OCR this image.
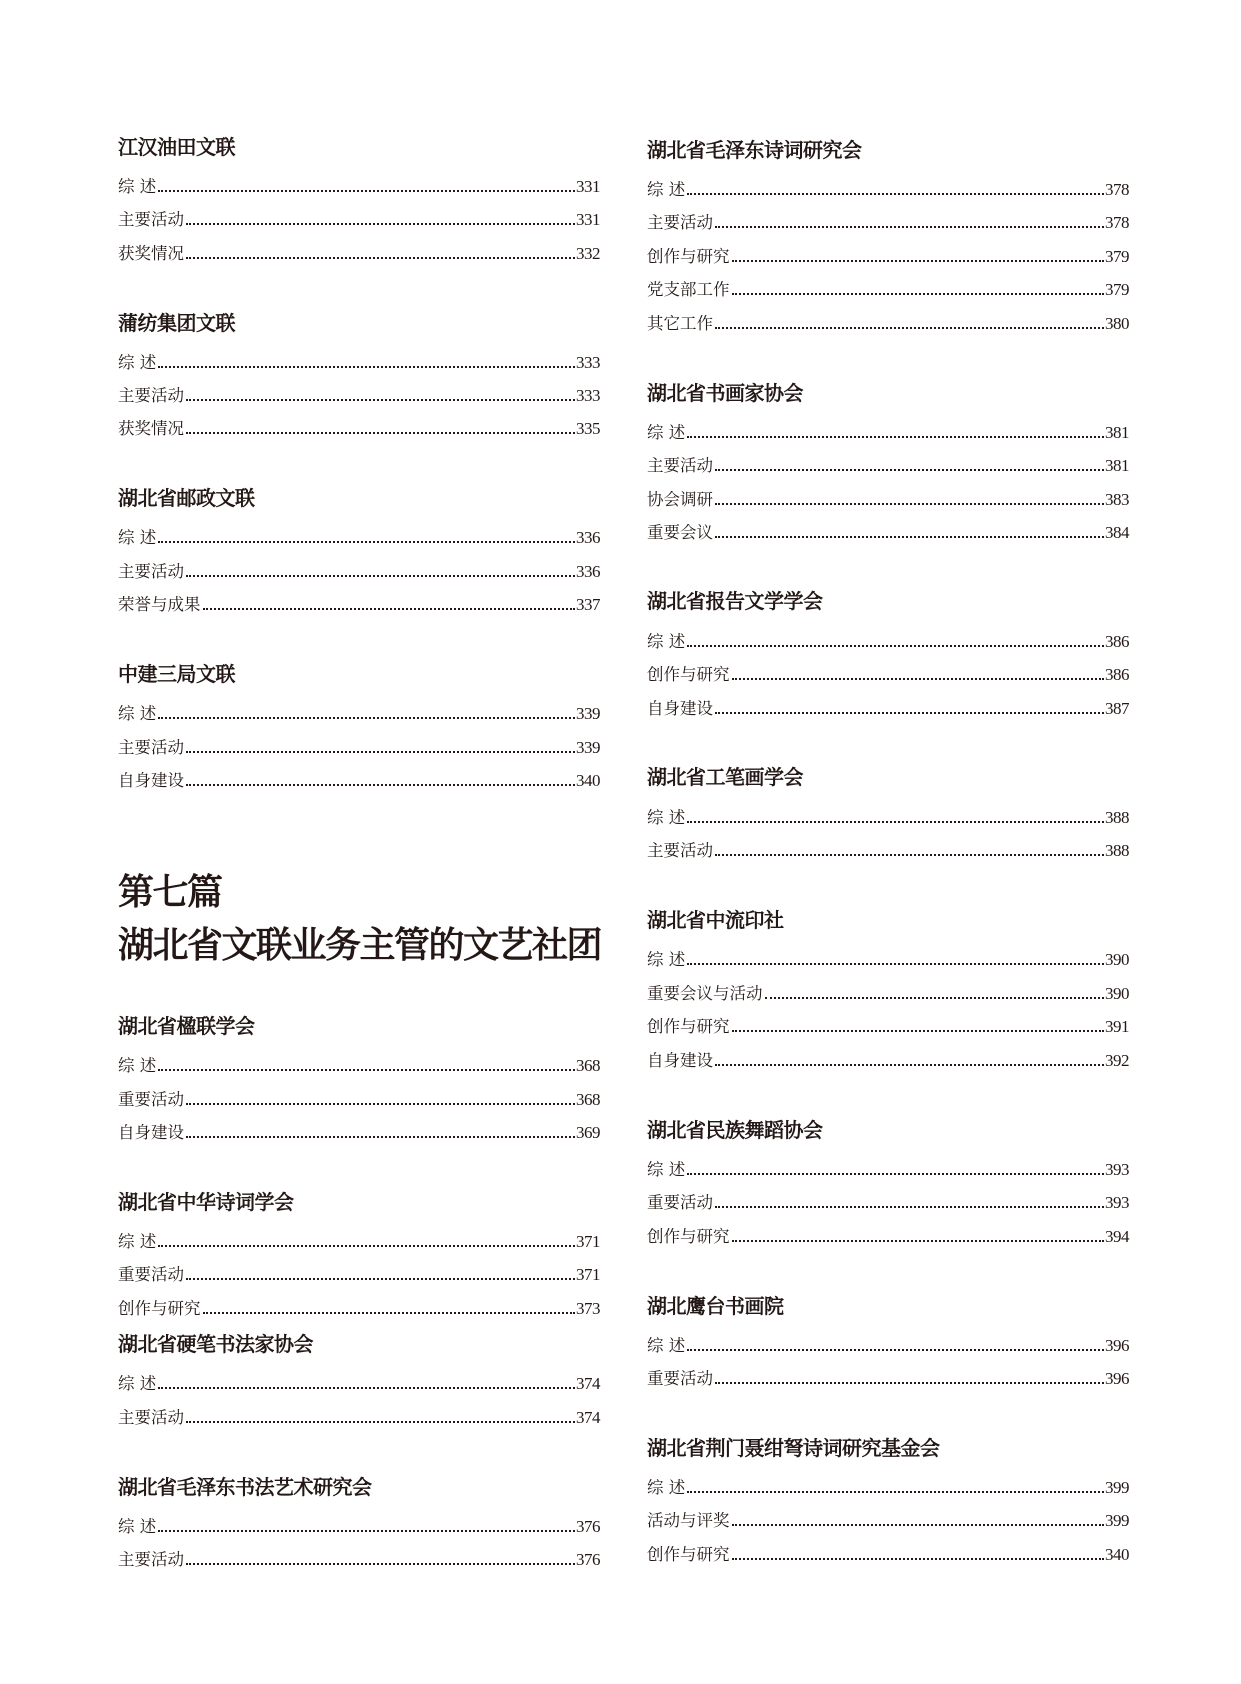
第七篇
湖北省文联业务主管的文艺社团
江汉油田文联
综 述	331
主要活动	331
获奖情况	332
蒲纺集团文联
综 述	333
主要活动	333
获奖情况	335
湖北省邮政文联
综 述	336
主要活动	336
荣誉与成果	337
中建三局文联
综 述	339
主要活动	339
自身建设	340
湖北省楹联学会
综 述	368
重要活动	368
自身建设	369
湖北省中华诗词学会
综 述	371
重要活动	371
创作与研究	373
湖北省硬笔书法家协会
综 述	374
主要活动	374
湖北省毛泽东书法艺术研究会
综 述	376
主要活动	376
湖北省毛泽东诗词研究会
综 述	378
主要活动	378
创作与研究	379
党支部工作	379
其它工作	380
湖北省书画家协会
综 述	381
主要活动	381
协会调研	383
重要会议	384
湖北省报告文学学会
综 述	386
创作与研究	386
自身建设	387
湖北省工笔画学会
综 述	388
主要活动	388
湖北省中流印社
综 述	390
重要会议与活动	390
创作与研究	391
自身建设	392
湖北省民族舞蹈协会
综 述	393
重要活动	393
创作与研究	394
湖北鹰台书画院
综 述	396
重要活动	396
湖北省荆门聂绀弩诗词研究基金会
综 述	399
活动与评奖	399
创作与研究	340
